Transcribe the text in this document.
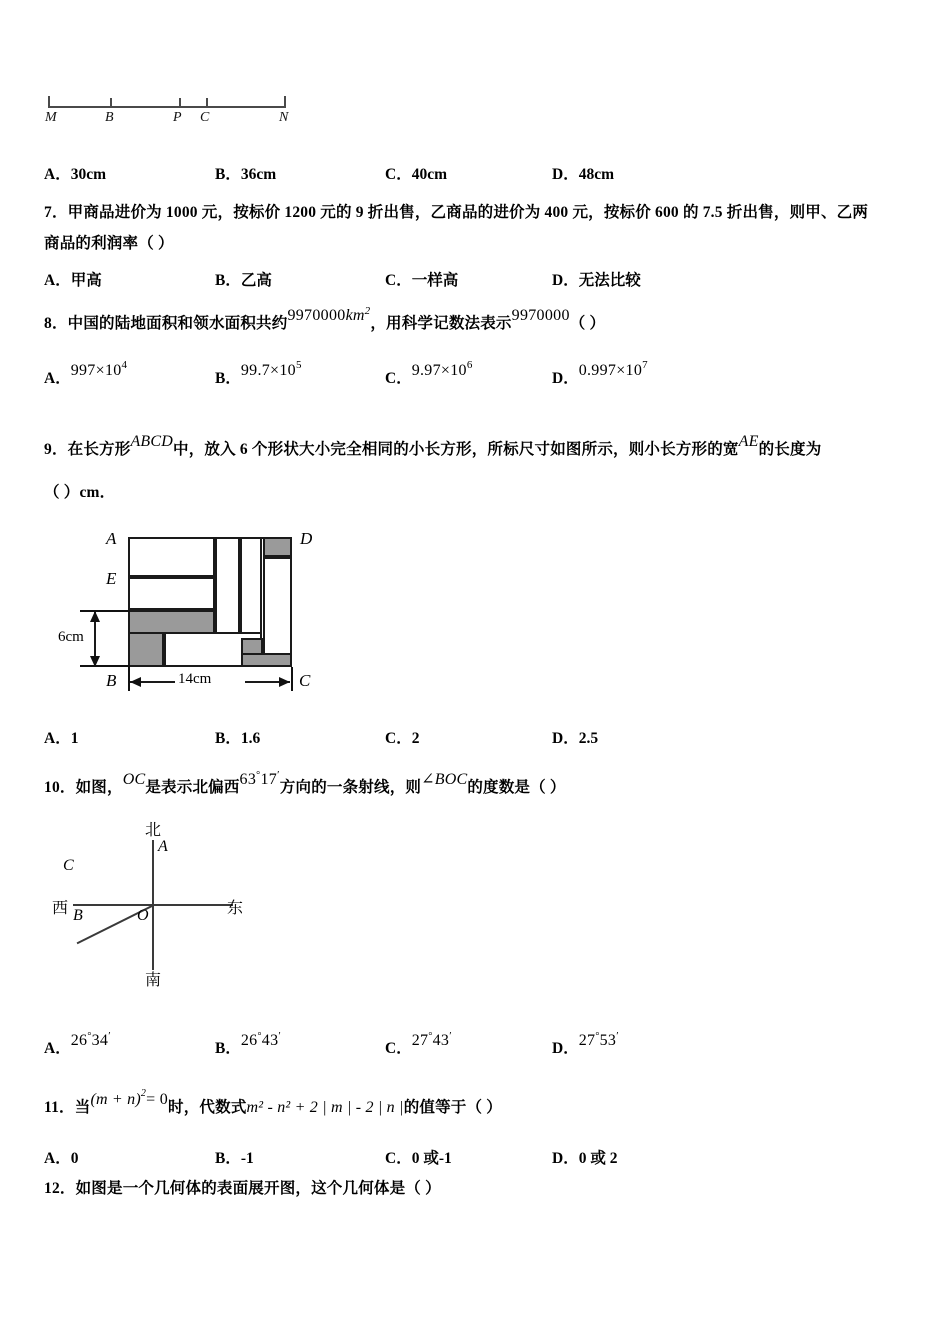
M	B	P C	N
A．30cm	B．36cm	C．40cm	D．48cm
7．甲商品进价为 1000 元，按标价 1200 元的 9 折出售，乙商品的进价为 400 元，按标价 600 的 7.5 折出售，则甲、乙两
商品的利润率（ ）
A．甲高	B．乙高	C．一样高	D．无法比较
8．中国的陆地面积和领水面积共约$9970000km^2$，用科学记数法表示9970000（ ）
A．$997\times 10^4$
B．$99.7\times 10^5$
C．$9.97\times 10^6$
D．$0.997\times 10^7$
9．在长方形ABCD中，放入 6 个形状大小完全相同的小长方形，所标尺寸如图所示，则小长方形的宽AE的长度为
（ ）cm．
A
E
D
B	C
6cm
14cm
A．1	B．1.6	C．2	D．2.5
10．如图，OC是表示北偏西63°17′方向的一条射线，则∠BOC的度数是（ ）
北
南
东
西
A
B
C
O
A．26°34′
B．26°43′
C．27°43′
D．27°53′
11．当$(m + n)^2= 0$时，代数式m² - n² + 2 | m | - 2 | n |的值等于（ ）
A．0	B．-1	C．0 或-1	D．0 或 2
12．如图是一个几何体的表面展开图，这个几何体是（ ）
